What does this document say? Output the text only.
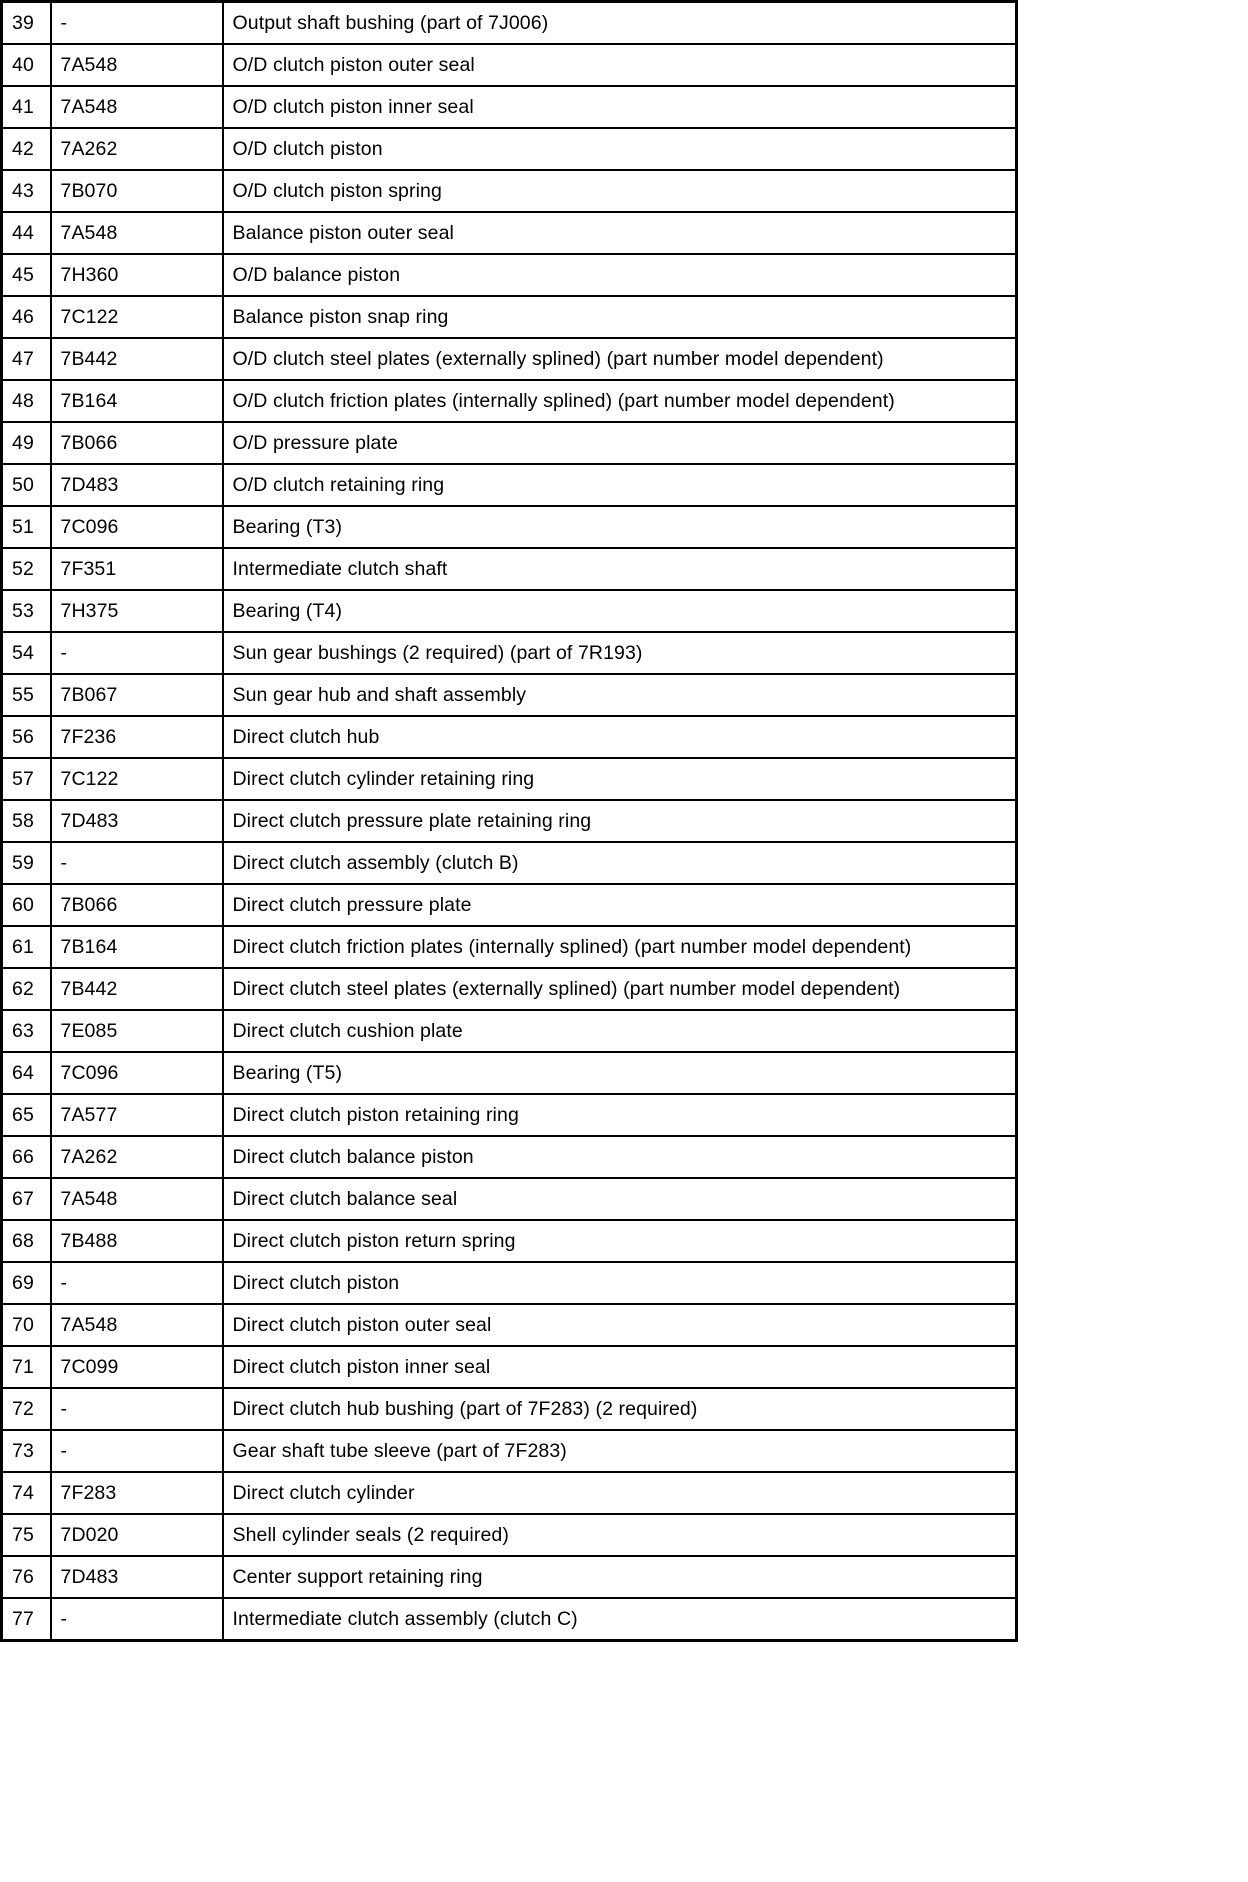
39	-	Output shaft bushing (part of 7J006)
40	7A548	O/D clutch piston outer seal
41	7A548	O/D clutch piston inner seal
42	7A262	O/D clutch piston
43	7B070	O/D clutch piston spring
44	7A548	Balance piston outer seal
45	7H360	O/D balance piston
46	7C122	Balance piston snap ring
47	7B442	O/D clutch steel plates (externally splined) (part number model dependent)
48	7B164	O/D clutch friction plates (internally splined) (part number model dependent)
49	7B066	O/D pressure plate
50	7D483	O/D clutch retaining ring
51	7C096	Bearing (T3)
52	7F351	Intermediate clutch shaft
53	7H375	Bearing (T4)
54	-	Sun gear bushings (2 required) (part of 7R193)
55	7B067	Sun gear hub and shaft assembly
56	7F236	Direct clutch hub
57	7C122	Direct clutch cylinder retaining ring
58	7D483	Direct clutch pressure plate retaining ring
59	-	Direct clutch assembly (clutch B)
60	7B066	Direct clutch pressure plate
61	7B164	Direct clutch friction plates (internally splined) (part number model dependent)
62	7B442	Direct clutch steel plates (externally splined) (part number model dependent)
63	7E085	Direct clutch cushion plate
64	7C096	Bearing (T5)
65	7A577	Direct clutch piston retaining ring
66	7A262	Direct clutch balance piston
67	7A548	Direct clutch balance seal
68	7B488	Direct clutch piston return spring
69	-	Direct clutch piston
70	7A548	Direct clutch piston outer seal
71	7C099	Direct clutch piston inner seal
72	-	Direct clutch hub bushing (part of 7F283) (2 required)
73	-	Gear shaft tube sleeve (part of 7F283)
74	7F283	Direct clutch cylinder
75	7D020	Shell cylinder seals (2 required)
76	7D483	Center support retaining ring
77	-	Intermediate clutch assembly (clutch C)
